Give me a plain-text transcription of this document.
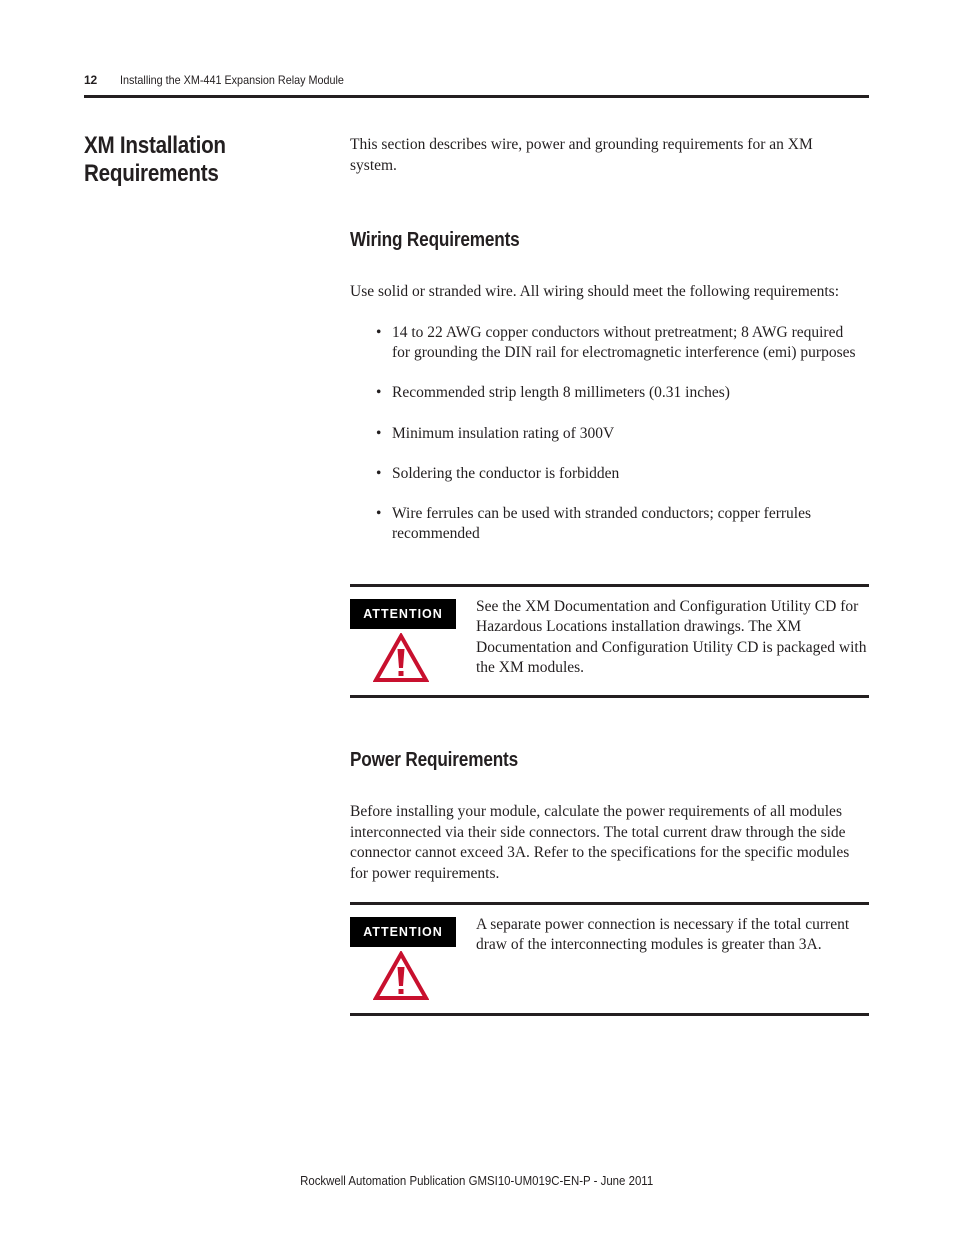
12 Installing the XM-441 Expansion Relay Module
XM Installation Requirements
This section describes wire, power and grounding requirements for an XM system.
Wiring Requirements
Use solid or stranded wire. All wiring should meet the following requirements:
• 14 to 22 AWG copper conductors without pretreatment; 8 AWG required for grounding the DIN rail for electromagnetic interference (emi) purposes
• Recommended strip length 8 millimeters (0.31 inches)
• Minimum insulation rating of 300V
• Soldering the conductor is forbidden
• Wire ferrules can be used with stranded conductors; copper ferrules recommended
ATTENTION	See the XM Documentation and Configuration Utility CD for Hazardous Locations installation drawings. The XM Documentation and Configuration Utility CD is packaged with the XM modules.
Power Requirements
Before installing your module, calculate the power requirements of all modules interconnected via their side connectors. The total current draw through the side connector cannot exceed 3A. Refer to the specifications for the specific modules for power requirements.
ATTENTION	A separate power connection is necessary if the total current draw of the interconnecting modules is greater than 3A.
Rockwell Automation Publication GMSI10-UM019C-EN-P - June 2011
